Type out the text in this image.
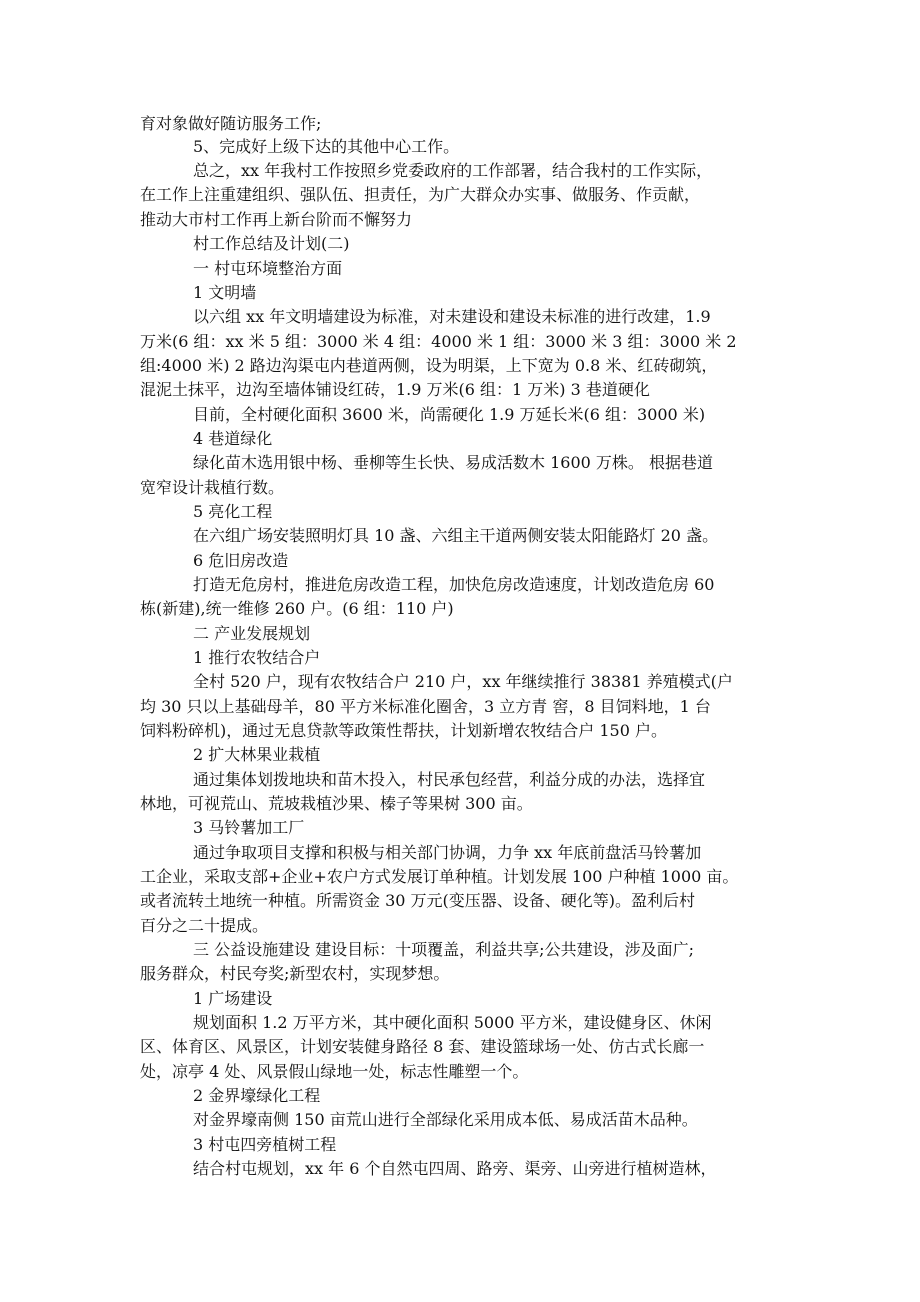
育对象做好随访服务工作;
5、完成好上级下达的其他中心工作。
总之，xx 年我村工作按照乡党委政府的工作部署，结合我村的工作实际，
在工作上注重建组织、强队伍、担责任，为广大群众办实事、做服务、作贡献，
推动大市村工作再上新台阶而不懈努力
村工作总结及计划(二)
一 村屯环境整治方面
1 文明墙
以六组 xx 年文明墙建设为标准，对未建设和建设未标准的进行改建，1.9
万米(6 组：xx 米 5 组：3000 米 4 组：4000 米 1 组：3000 米 3 组：3000 米 2
组:4000 米) 2 路边沟渠屯内巷道两侧，设为明渠，上下宽为 0.8 米、红砖砌筑，
混泥土抹平，边沟至墙体铺设红砖，1.9 万米(6 组：1 万米) 3 巷道硬化
目前，全村硬化面积 3600 米，尚需硬化 1.9 万延长米(6 组：3000 米)
4 巷道绿化
绿化苗木选用银中杨、垂柳等生长快、易成活数木 1600 万株。 根据巷道
宽窄设计栽植行数。
5 亮化工程
在六组广场安装照明灯具 10 盏、六组主干道两侧安装太阳能路灯 20 盏。
6 危旧房改造
打造无危房村，推进危房改造工程，加快危房改造速度，计划改造危房 60
栋(新建),统一维修 260 户。(6 组：110 户)
二 产业发展规划
1 推行农牧结合户
全村 520 户，现有农牧结合户 210 户，xx 年继续推行 38381 养殖模式(户
均 30 只以上基础母羊，80 平方米标准化圈舍，3 立方青 窖，8 目饲料地，1 台
饲料粉碎机)，通过无息贷款等政策性帮扶，计划新增农牧结合户 150 户。
2 扩大林果业栽植
通过集体划拨地块和苗木投入，村民承包经营，利益分成的办法，选择宜
林地，可视荒山、荒坡栽植沙果、榛子等果树 300 亩。
3 马铃薯加工厂
通过争取项目支撑和积极与相关部门协调，力争 xx 年底前盘活马铃薯加
工企业，采取支部+企业+农户方式发展订单种植。计划发展 100 户种植 1000 亩。
或者流转土地统一种植。所需资金 30 万元(变压器、设备、硬化等)。盈利后村
百分之二十提成。
三 公益设施建设 建设目标：十项覆盖，利益共享;公共建设，涉及面广;
服务群众，村民夸奖;新型农村，实现梦想。
1 广场建设
规划面积 1.2 万平方米，其中硬化面积 5000 平方米，建设健身区、休闲
区、体育区、风景区，计划安装健身路径 8 套、建设篮球场一处、仿古式长廊一
处，凉亭 4 处、风景假山绿地一处，标志性雕塑一个。
2 金界壕绿化工程
对金界壕南侧 150 亩荒山进行全部绿化采用成本低、易成活苗木品种。
3 村屯四旁植树工程
结合村屯规划，xx 年 6 个自然屯四周、路旁、渠旁、山旁进行植树造林，
